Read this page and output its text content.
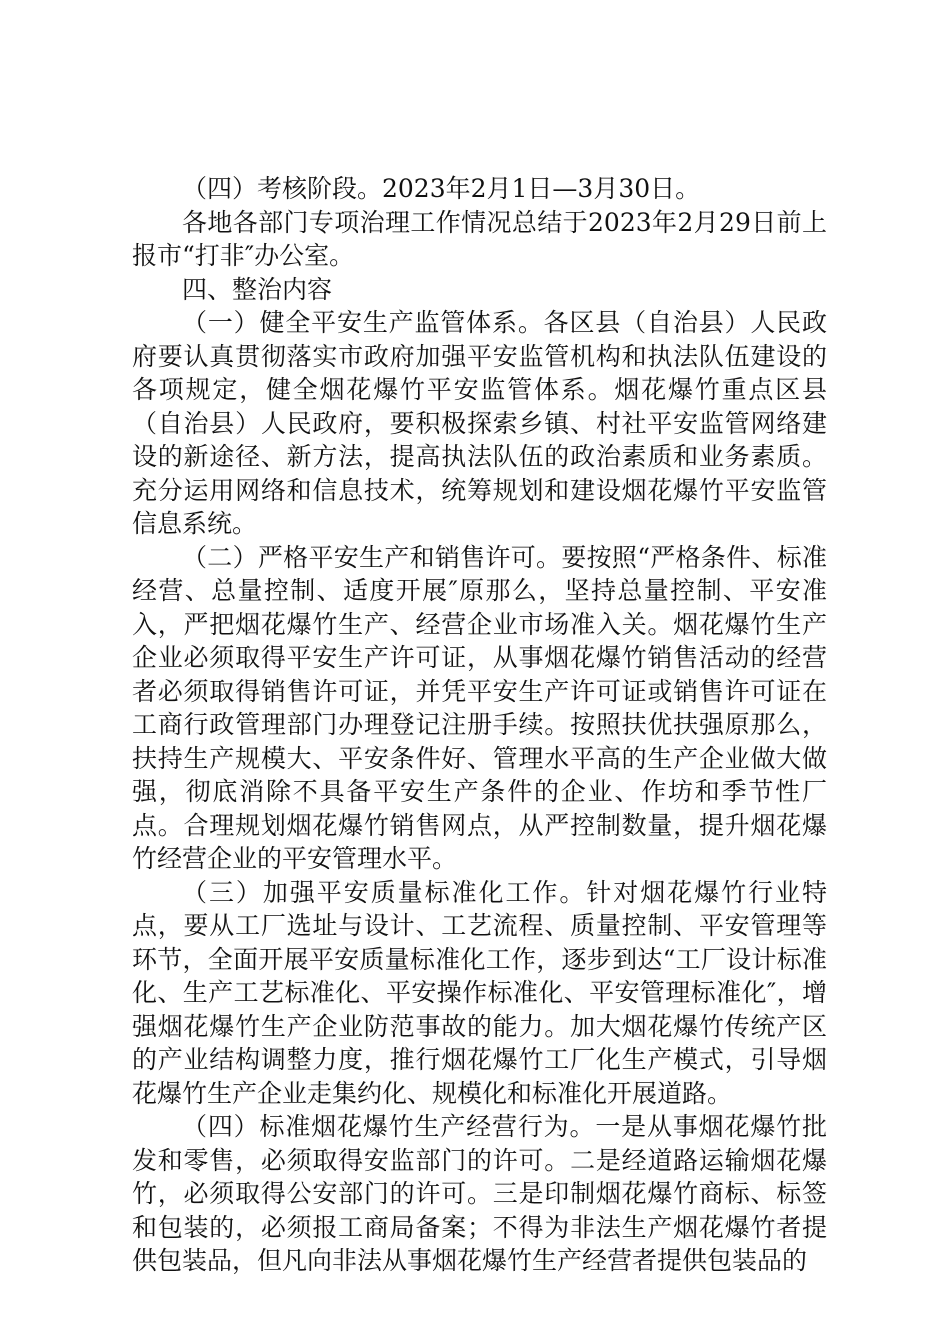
（四）考核阶段。2023年2月1日—3月30日。

各地各部门专项治理工作情况总结于2023年2月29日前上报市“打非″办公室。

四、整治内容

（一）健全平安生产监管体系。各区县（自治县）人民政府要认真贯彻落实市政府加强平安监管机构和执法队伍建设的各项规定，健全烟花爆竹平安监管体系。烟花爆竹重点区县（自治县）人民政府，要积极探索乡镇、村社平安监管网络建设的新途径、新方法，提高执法队伍的政治素质和业务素质。充分运用网络和信息技术，统筹规划和建设烟花爆竹平安监管信息系统。

（二）严格平安生产和销售许可。要按照“严格条件、标准经营、总量控制、适度开展″原那么，坚持总量控制、平安准入，严把烟花爆竹生产、经营企业市场准入关。烟花爆竹生产企业必须取得平安生产许可证，从事烟花爆竹销售活动的经营者必须取得销售许可证，并凭平安生产许可证或销售许可证在工商行政管理部门办理登记注册手续。按照扶优扶强原那么，扶持生产规模大、平安条件好、管理水平高的生产企业做大做强，彻底消除不具备平安生产条件的企业、作坊和季节性厂点。合理规划烟花爆竹销售网点，从严控制数量，提升烟花爆竹经营企业的平安管理水平。

（三）加强平安质量标准化工作。针对烟花爆竹行业特点，要从工厂选址与设计、工艺流程、质量控制、平安管理等环节，全面开展平安质量标准化工作，逐步到达“工厂设计标准化、生产工艺标准化、平安操作标准化、平安管理标准化″，增强烟花爆竹生产企业防范事故的能力。加大烟花爆竹传统产区的产业结构调整力度，推行烟花爆竹工厂化生产模式，引导烟花爆竹生产企业走集约化、规模化和标准化开展道路。

（四）标准烟花爆竹生产经营行为。一是从事烟花爆竹批发和零售，必须取得安监部门的许可。二是经道路运输烟花爆竹，必须取得公安部门的许可。三是印制烟花爆竹商标、标签和包装的，必须报工商局备案；不得为非法生产烟花爆竹者提供包装品，但凡向非法从事烟花爆竹生产经营者提供包装品的
